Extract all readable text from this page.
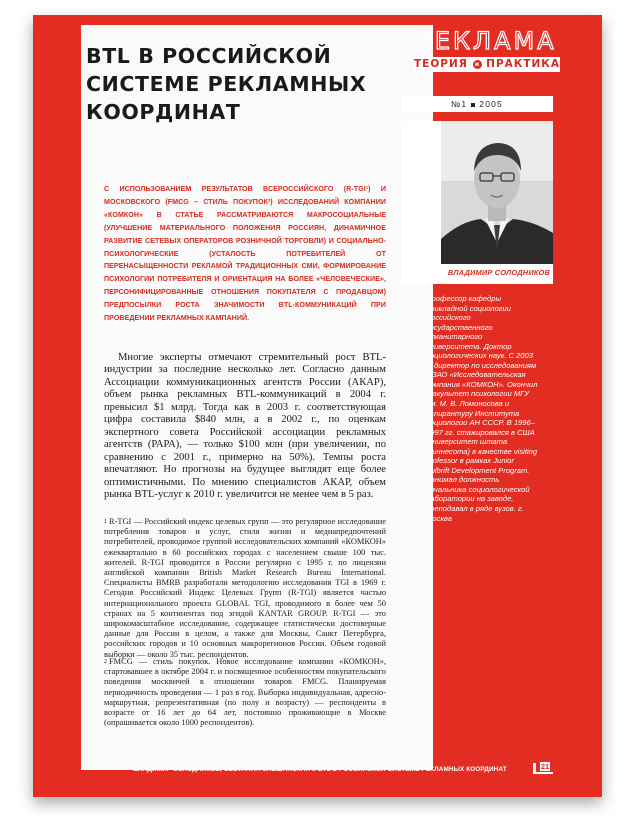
BTL В РОССИЙСКОЙ
СИСТЕМЕ РЕКЛАМНЫХ
КООРДИНАТ
С ИСПОЛЬЗОВАНИЕМ РЕЗУЛЬТАТОВ ВСЕРОССИЙСКОГО (R-TGI¹) И МОСКОВСКОГО (FMCG – СТИЛЬ ПОКУПОК²) ИССЛЕДОВАНИЙ КОМПАНИИ «КОМКОН» В СТАТЬЕ РАССМАТРИВАЮТСЯ МАКРОСОЦИАЛЬНЫЕ (УЛУЧШЕНИЕ МАТЕРИАЛЬНОГО ПОЛОЖЕНИЯ РОССИЯН, ДИНАМИЧНОЕ РАЗВИТИЕ СЕТЕВЫХ ОПЕРАТОРОВ РОЗНИЧНОЙ ТОРГОВЛИ) И СОЦИАЛЬНО-ПСИХОЛОГИЧЕСКИЕ (УСТАЛОСТЬ ПОТРЕБИТЕЛЕЙ ОТ ПЕРЕНАСЫЩЕННОСТИ РЕКЛАМОЙ ТРАДИЦИОННЫХ СМИ, ФОРМИРОВАНИЕ ПСИХОЛОГИИ ПОТРЕБИТЕЛЯ И ОРИЕНТАЦИЯ НА БОЛЕЕ «ЧЕЛОВЕЧЕСКИЕ», ПЕРСОНИФИЦИРОВАННЫЕ ОТНОШЕНИЯ ПОКУПАТЕЛЯ С ПРОДАВЦОМ) ПРЕДПОСЫЛКИ РОСТА ЗНАЧИМОСТИ BTL-КОММУНИКАЦИЙ ПРИ ПРОВЕДЕНИИ РЕКЛАМНЫХ КАМПАНИЙ.
Многие эксперты отмечают стремительный рост BTL-индустрии за последние несколько лет. Согласно данным Ассоциации коммуникационных агентств России (АКАР), объем рынка рекламных BTL-коммуникаций в 2004 г. превысил $1 млрд. Тогда как в 2003 г. соответствующая цифра составила $840 млн, а в 2002 г., по оценкам экспертного совета Российской ассоциации рекламных агентств (РАРА), — только $100 млн (при увеличении, по сравнению с 2001 г., примерно на 50%). Темпы роста впечатляют. Но прогнозы на будущее выглядят еще более оптимистичными. По мнению специалистов АКАР, объем рынка BTL-услуг к 2010 г. увеличится не менее чем в 5 раз.
$^1$ R-TGI — Российский индекс целевых групп — это регулярное исследование потребления товаров и услуг, стиля жизни и медиапредпочтений потребителей, проводимое группой исследовательских компаний «КОМКОН» ежеквартально в 60 российских городах с населением свыше 100 тыс. жителей. R-TGI проводится в России регулярно с 1995 г. по лицензии английской компании British Market Research Bureau International. Специалисты BMRB разработали методологию исследования TGI в 1969 г. Сегодня Российский Индекс Целевых Групп (R-TGI) является частью интернационального проекта GLOBAL TGI, проводимого в более чем 50 странах на 5 континентах под эгидой KANTAR GROUP. R-TGI — это широкомасштабное исследование, содержащее статистически достоверные данные для России в целом, а также для Москвы, Санкт Петербурга, российских городов и 10 основных макрорегионов России. Объем годовой выборки — около 35 тыс. респондентов.
$^2$ FMCG — стиль покупок. Новое исследование компании «КОМКОН», стартовавшее в октябре 2004 г. и посвященное особенностям покупательского поведения москвичей в отношении товаров FMCG. Планируемая периодичность проведения — 1 раз в год. Выборка индивидуальная, адресно-маршрутная, репрезентативная (по полу и возрасту) — респонденты в возрасте от 16 лет до 64 лет, постоянно проживающие в Москве (опрашивается около 1000 респондентов).
РЕКЛАМА
ТЕОРИЯ и ПРАКТИКА
№1 2005
ВЛАДИМИР СОЛОДНИКОВ
Профессор кафедры прикладной социологии Российского государственного гуманитарного университета. Доктор социологических наук. С 2003 г. директор по исследованиям в ЗАО «Исследовательская компания «КОМКОН». Окончил факультет психологии МГУ им. М. В. Ломоносова и аспирантуру Института социологии АН СССР. В 1996–1997 гг. стажировался в США (университет штата Миннесота) в качестве visiting professor в рамках Junior Fulbrift Development Program. Занимал должность начальника социологической лаборатории на заводе, преподавал в ряде вузов. г. Москва
ВЛАДИМИР СОЛОДНИКОВ, СВЕТЛАНА ОЛЬШАНСКАЯ ■ BTL В РОССИЙСКОЙ СИСТЕМЕ РЕКЛАМНЫХ КООРДИНАТ	21
